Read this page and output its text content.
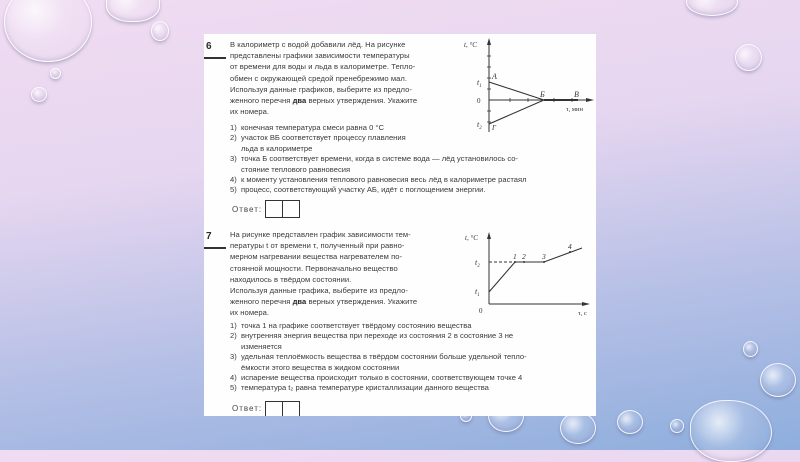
6 В калориметр с водой добавили лёд. На рисунке
представлены графики зависимости температуры
от времени для воды и льда в калориметре. Тепло-
обмен с окружающей средой пренебрежимо мал.
Используя данные графиков, выберите из предло-
женного перечня два верных утверждения. Укажите
их номера.
t, °C
$t_1$
0
$t_2$
А
Б	В
Г
τ, мин
1) конечная температура смеси равна 0 °C
2) участок ВБ соответствует процессу плавления
льда в калориметре
3) точка Б соответствует времени, когда в системе вода — лёд установилось со-
стояние теплового равновесия
4) к моменту установления теплового равновесия весь лёд в калориметре растаял
5) процесс, соответствующий участку АБ, идёт с поглощением энергии.
Ответ:
7 На рисунке представлен график зависимости тем-
пературы t от времени τ, полученный при равно-
мерном нагревании вещества нагревателем по-
стоянной мощности. Первоначально вещество
находилось в твёрдом состоянии.
Используя данные графика, выберите из предло-
женного перечня два верных утверждения. Укажите
их номера.
t, °C
$t_2$
$t_1$
0
1 2 3
4
τ, с
1) точка 1 на графике соответствует твёрдому состоянию вещества
2) внутренняя энергия вещества при переходе из состояния 2 в состояние 3 не
изменяется
3) удельная теплоёмкость вещества в твёрдом состоянии больше удельной тепло-
ёмкости этого вещества в жидком состоянии
4) испарение вещества происходит только в состоянии, соответствующем точке 4
5) температура t₂ равна температуре кристаллизации данного вещества
Ответ:
